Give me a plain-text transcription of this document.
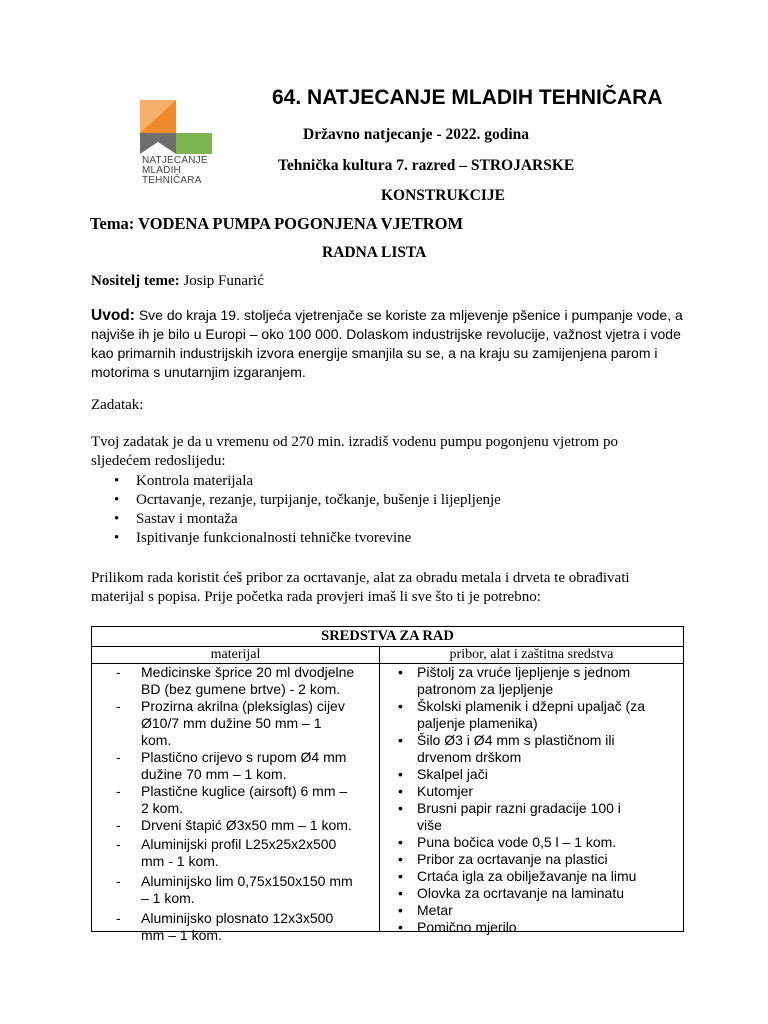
NATJECANJE
MLADIH
TEHNIČARA
64. NATJECANJE MLADIH TEHNIČARA
Državno natjecanje - 2022. godina
Tehnička kultura 7. razred – STROJARSKE
KONSTRUKCIJE
Tema: VODENA PUMPA POGONJENA VJETROM
RADNA LISTA
Nositelj teme: Josip Funarić
Uvod: Sve do kraja 19. stoljeća vjetrenjače se koriste za mljevenje pšenice i pumpanje vode, a
najviše ih je bilo u Europi – oko 100 000. Dolaskom industrijske revolucije, važnost vjetra i vode
kao primarnih industrijskih izvora energije smanjila su se, a na kraju su zamijenjena parom i
motorima s unutarnjim izgaranjem.
Zadatak:
Tvoj zadatak je da u vremenu od 270 min. izradiš vodenu pumpu pogonjenu vjetrom po
sljedećem redoslijedu:
• Kontrola materijala
• Ocrtavanje, rezanje, turpijanje, točkanje, bušenje i lijepljenje
• Sastav i montaža
• Ispitivanje funkcionalnosti tehničke tvorevine
Prilikom rada koristit ćeš pribor za ocrtavanje, alat za obradu metala i drveta te obrađivati
materijal s popisa. Prije početka rada provjeri imaš li sve što ti je potrebno:
SREDSTVA ZA RAD
materijal	pribor, alat i zaštitna sredstva
- Medicinske šprice 20 ml dvodjelne
BD (bez gumene brtve) - 2 kom.
- Prozirna akrilna (pleksiglas) cijev
Ø10/7 mm dužine 50 mm – 1
kom.
- Plastično crijevo s rupom Ø4 mm
dužine 70 mm – 1 kom.
- Plastične kuglice (airsoft) 6 mm –
2 kom.
- Drveni štapić Ø3x50 mm – 1 kom.
- Aluminijski profil L25x25x2x500
mm - 1 kom.
- Aluminijsko lim 0,75x150x150 mm
– 1 kom.
- Aluminijsko plosnato 12x3x500
mm – 1 kom.
• Pištolj za vruće ljepljenje s jednom
patronom za ljepljenje
• Školski plamenik i džepni upaljač (za
paljenje plamenika)
• Šilo Ø3 i Ø4 mm s plastičnom ili
drvenom drškom
• Skalpel jači
• Kutomjer
• Brusni papir razni gradacije 100 i
više
• Puna bočica vode 0,5 l – 1 kom.
• Pribor za ocrtavanje na plastici
• Crtaća igla za obilježavanje na limu
• Olovka za ocrtavanje na laminatu
• Metar
• Pomično mjerilo
